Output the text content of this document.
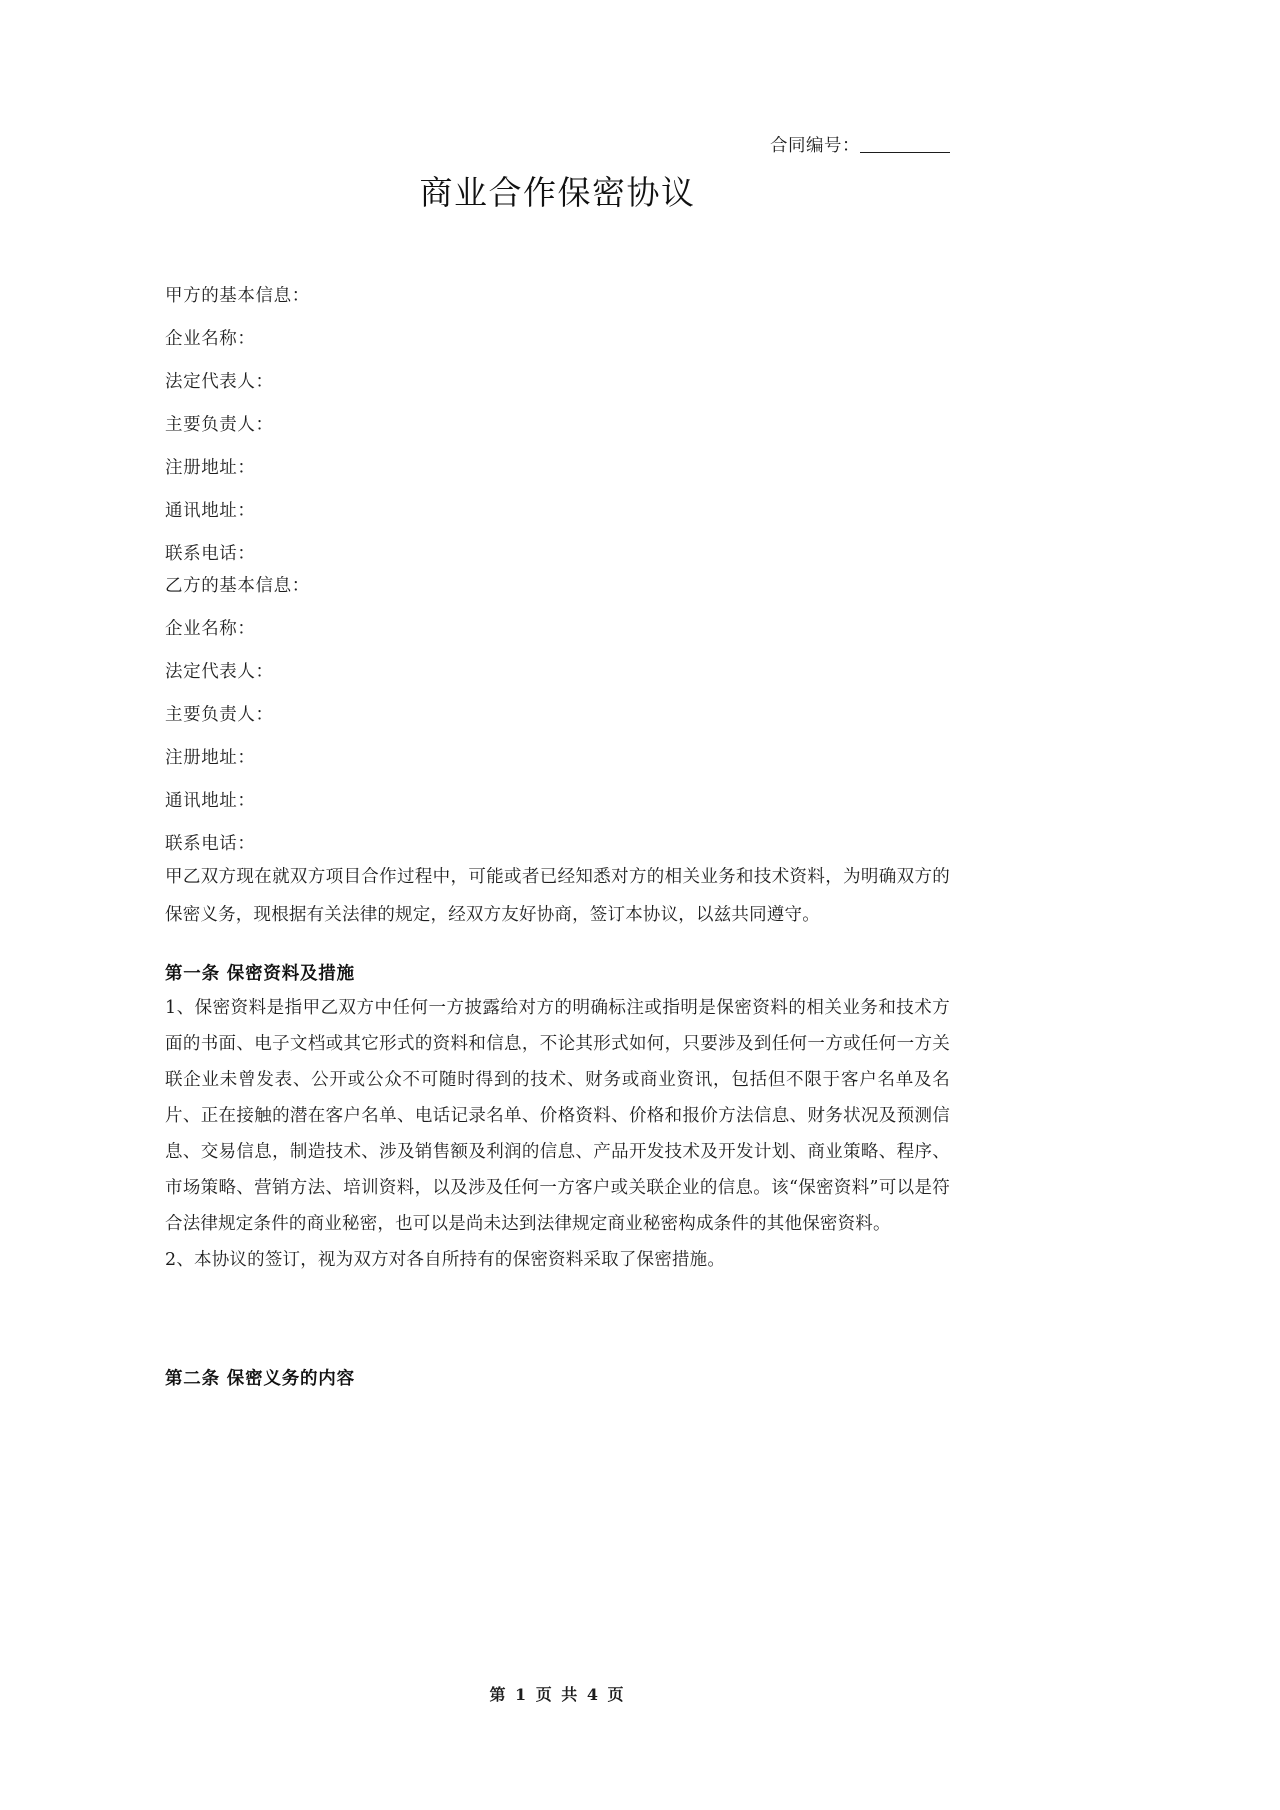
合同编号：
商业合作保密协议
甲方的基本信息：
企业名称：
法定代表人：
主要负责人：
注册地址：
通讯地址：
联系电话：
乙方的基本信息：
企业名称：
法定代表人：
主要负责人：
注册地址：
通讯地址：
联系电话：
甲乙双方现在就双方项目合作过程中，可能或者已经知悉对方的相关业务和技术资料，为明确双方的保密义务，现根据有关法律的规定，经双方友好协商，签订本协议，以兹共同遵守。
第一条 保密资料及措施
1、保密资料是指甲乙双方中任何一方披露给对方的明确标注或指明是保密资料的相关业务和技术方面的书面、电子文档或其它形式的资料和信息，不论其形式如何，只要涉及到任何一方或任何一方关联企业未曾发表、公开或公众不可随时得到的技术、财务或商业资讯，包括但不限于客户名单及名片、正在接触的潜在客户名单、电话记录名单、价格资料、价格和报价方法信息、财务状况及预测信息、交易信息，制造技术、涉及销售额及利润的信息、产品开发技术及开发计划、商业策略、程序、市场策略、营销方法、培训资料，以及涉及任何一方客户或关联企业的信息。该“保密资料”可以是符合法律规定条件的商业秘密，也可以是尚未达到法律规定商业秘密构成条件的其他保密资料。
2、本协议的签订，视为双方对各自所持有的保密资料采取了保密措施。
第二条 保密义务的内容
第 1 页 共 4 页
